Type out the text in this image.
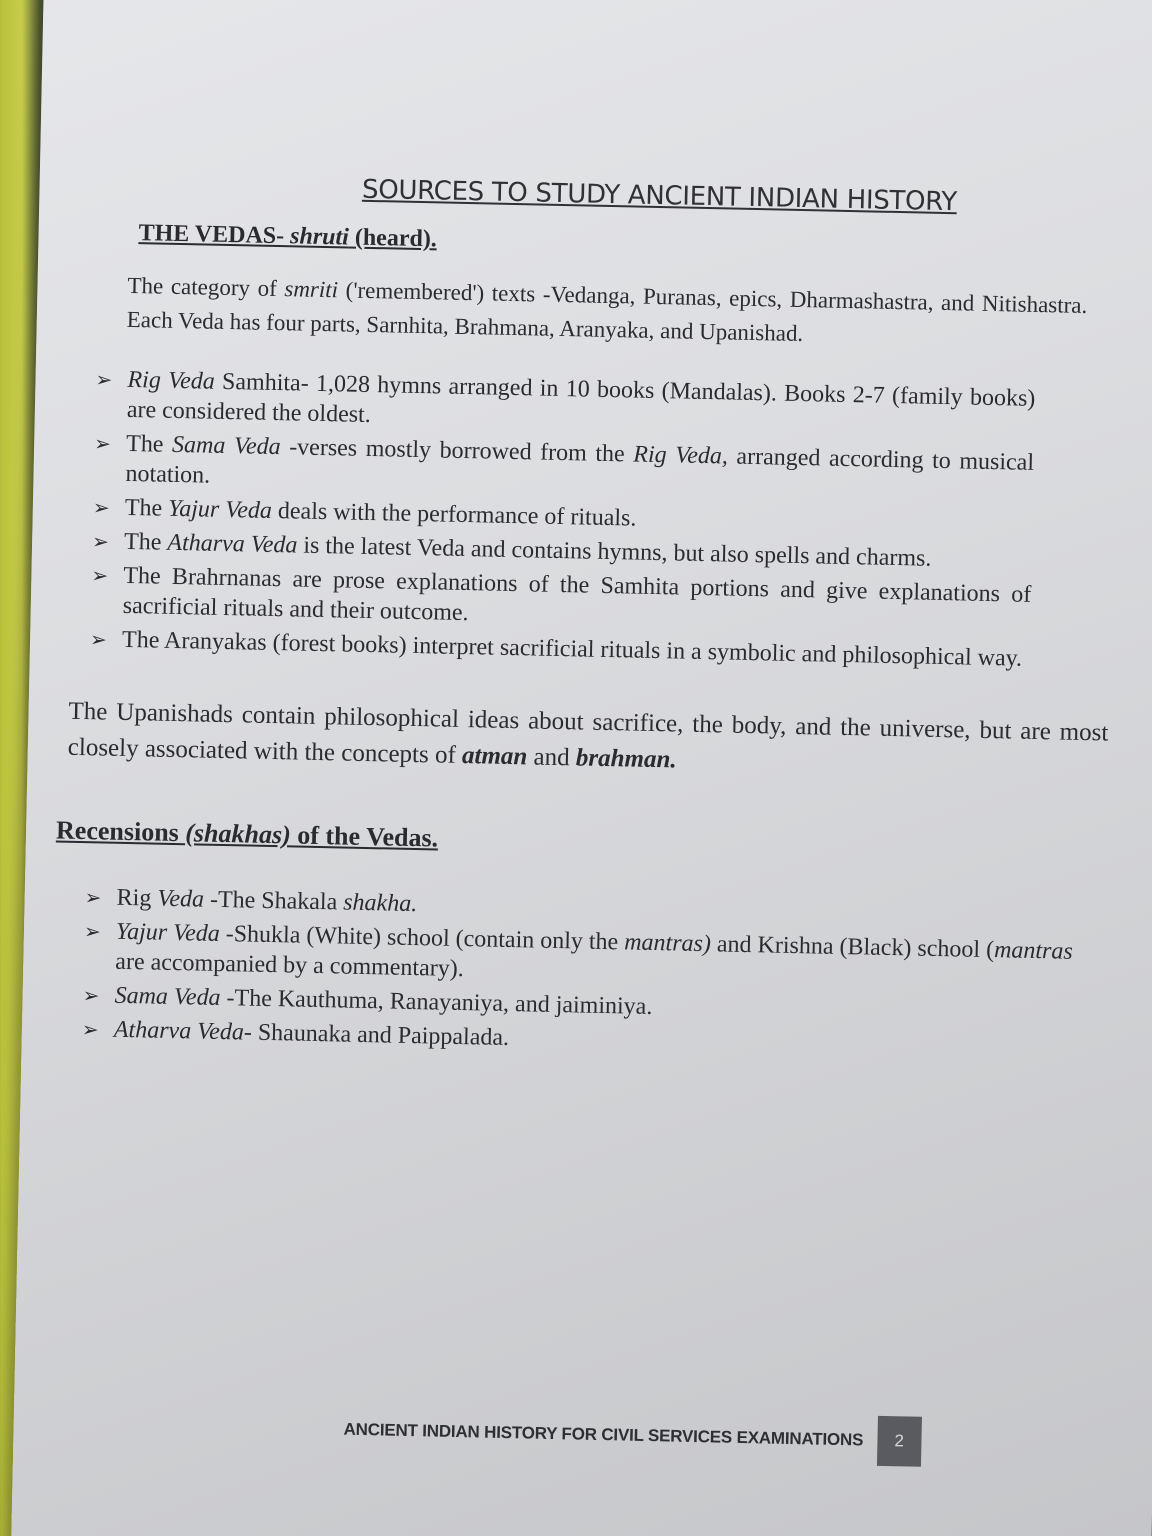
SOURCES TO STUDY ANCIENT INDIAN HISTORY
THE VEDAS- shruti (heard).
The category of smriti ('remembered') texts -Vedanga, Puranas, epics, Dharmashastra, and Nitishastra. Each Veda has four parts, Sarnhita, Brahmana, Aranyaka, and Upanishad.
➢ Rig Veda Samhita- 1,028 hymns arranged in 10 books (Mandalas). Books 2-7 (family books) are considered the oldest.
➢ The Sama Veda -verses mostly borrowed from the Rig Veda, arranged according to musical notation.
➢ The Yajur Veda deals with the performance of rituals.
➢ The Atharva Veda is the latest Veda and contains hymns, but also spells and charms.
➢ The Brahrnanas are prose explanations of the Samhita portions and give explanations of sacrificial rituals and their outcome.
➢ The Aranyakas (forest books) interpret sacrificial rituals in a symbolic and philosophical way.
The Upanishads contain philosophical ideas about sacrifice, the body, and the universe, but are most closely associated with the concepts of atman and brahman.
Recensions (shakhas) of the Vedas.
➢ Rig Veda -The Shakala shakha.
➢ Yajur Veda -Shukla (White) school (contain only the mantras) and Krishna (Black) school (mantras are accompanied by a commentary).
➢ Sama Veda -The Kauthuma, Ranayaniya, and jaiminiya.
➢ Atharva Veda- Shaunaka and Paippalada.
ANCIENT INDIAN HISTORY FOR CIVIL SERVICES EXAMINATIONS	2
